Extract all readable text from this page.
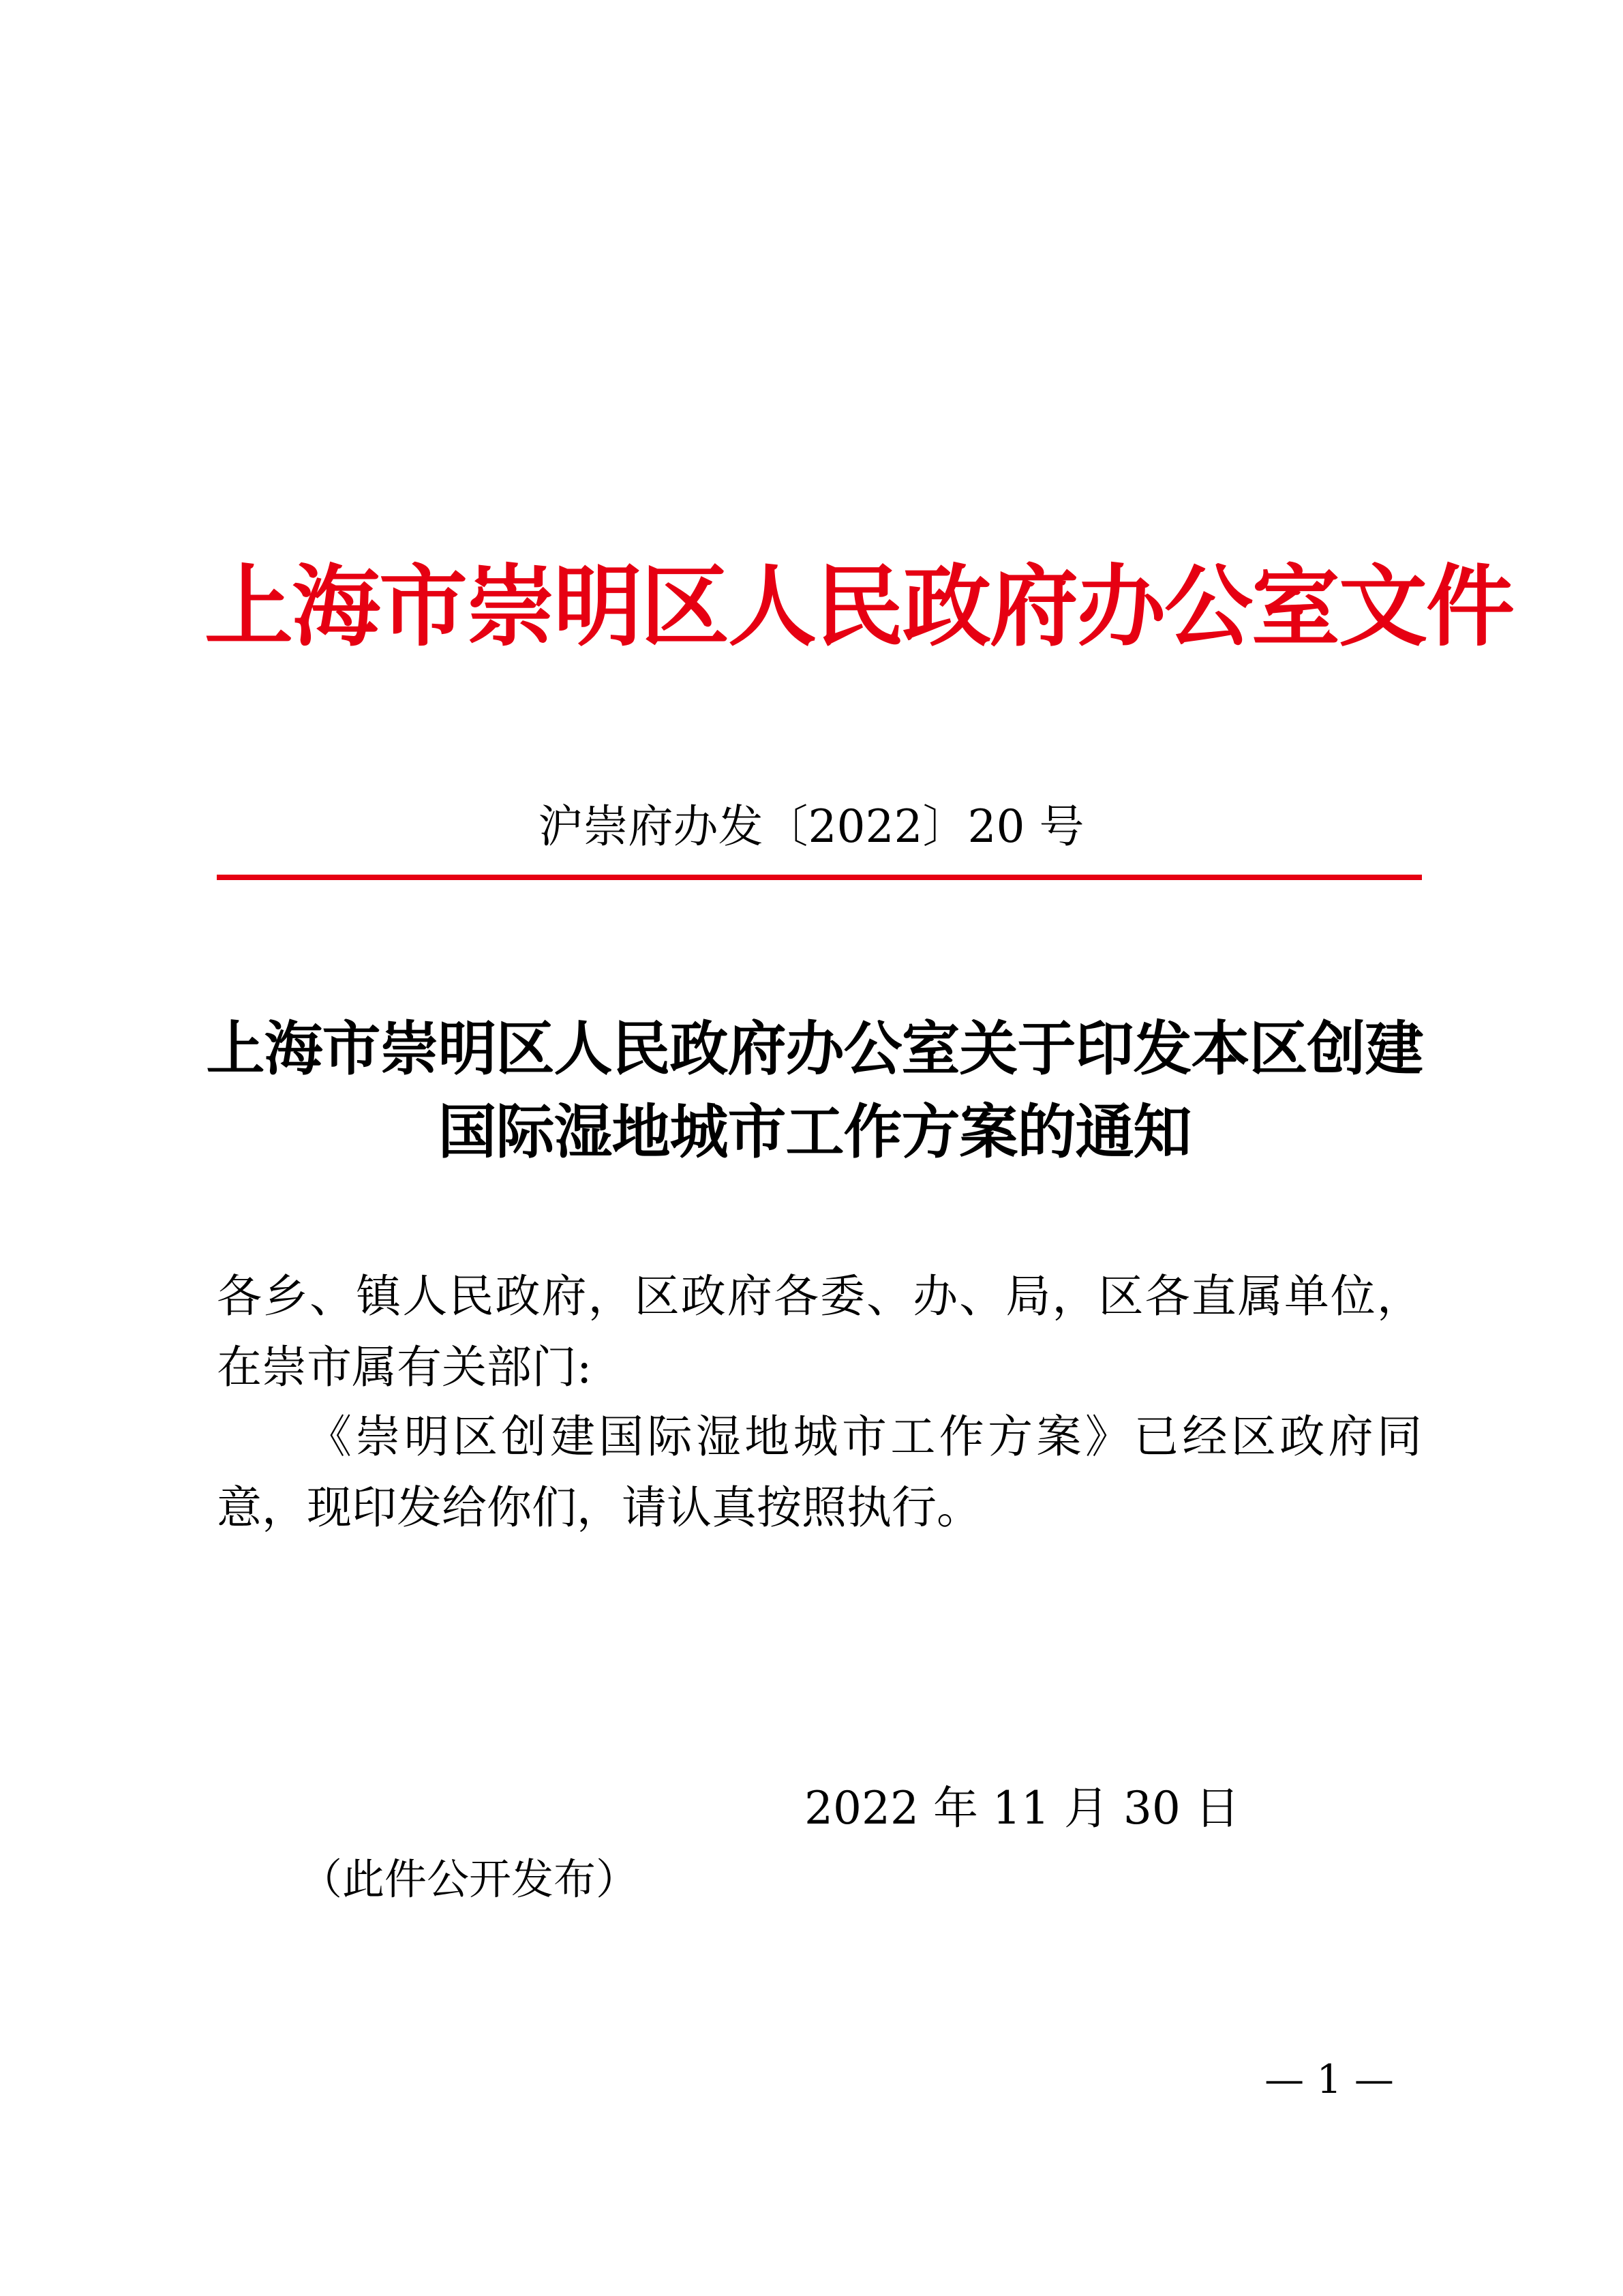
上海市崇明区人民政府办公室文件
沪崇府办发〔2022〕20 号
上海市崇明区人民政府办公室关于印发本区创建
国际湿地城市工作方案的通知
各乡、镇人民政府，区政府各委、办、局，区各直属单位，在崇市属有关部门:
《崇明区创建国际湿地城市工作方案》已经区政府同意，现印发给你们，请认真按照执行。
2022 年 11 月 30 日
（此件公开发布）
— 1 —
